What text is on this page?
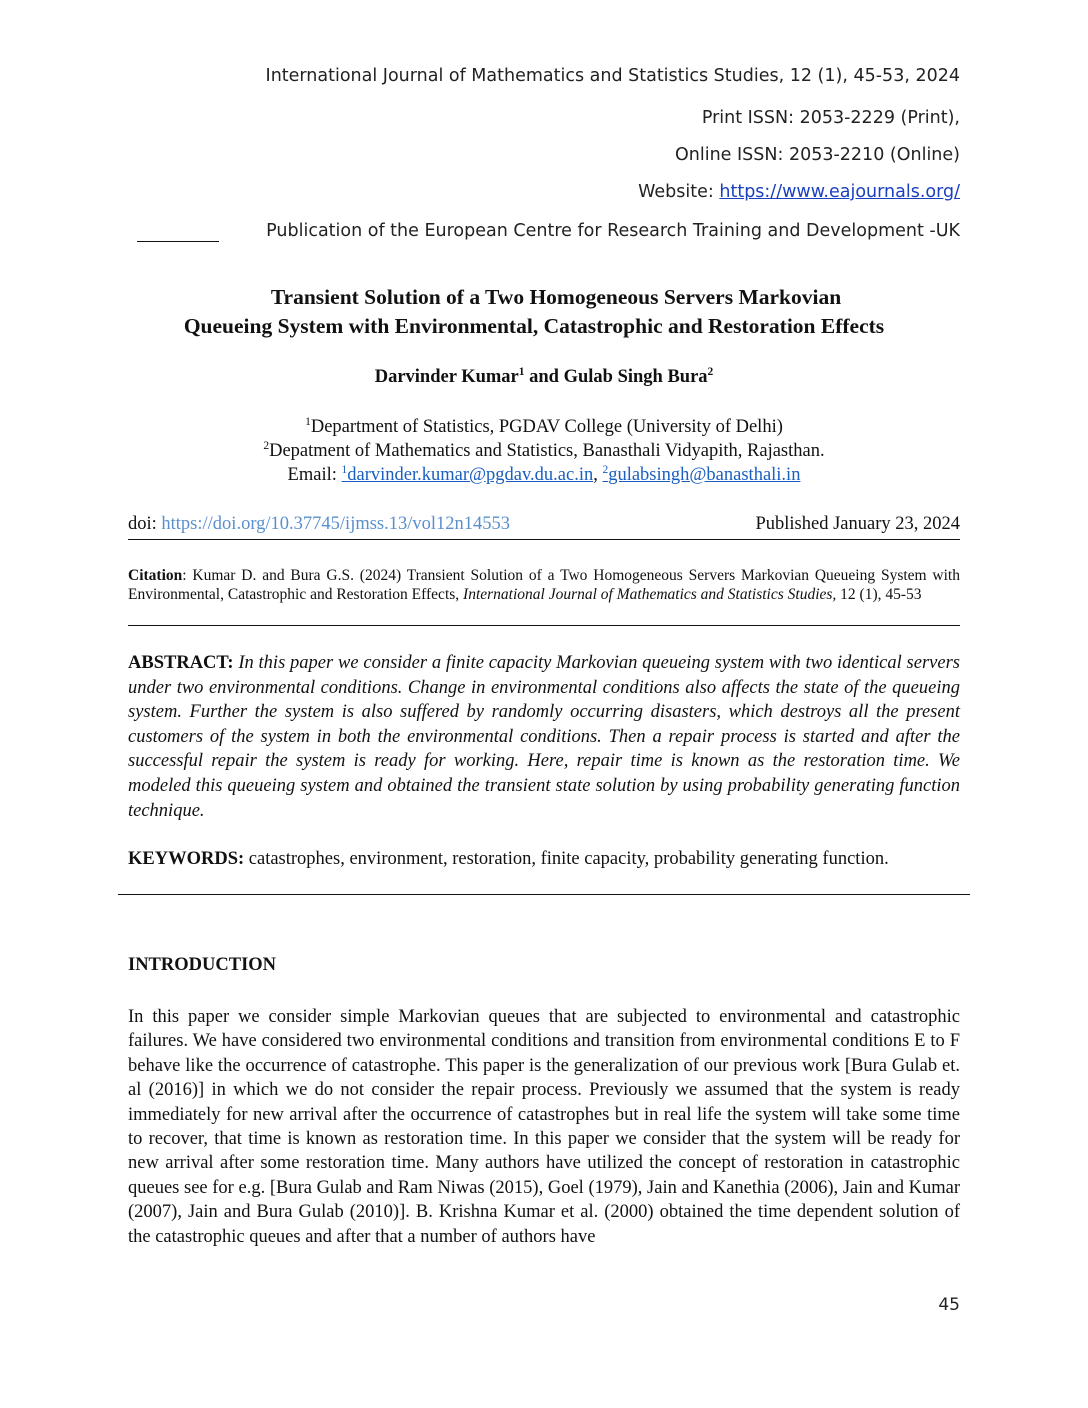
International Journal of Mathematics and Statistics Studies, 12 (1), 45-53, 2024
Print ISSN: 2053-2229 (Print),
Online ISSN: 2053-2210 (Online)
Website: https://www.eajournals.org/
Publication of the European Centre for Research Training and Development -UK
Transient Solution of a Two Homogeneous Servers Markovian
Queueing System with Environmental, Catastrophic and Restoration Effects
Darvinder Kumar$^1$ and Gulab Singh Bura$^2$
$^1$Department of Statistics, PGDAV College (University of Delhi)
$^2$Depatment of Mathematics and Statistics, Banasthali Vidyapith, Rajasthan.
Email: $^1$darvinder.kumar@pgdav.du.ac.in, $^2$gulabsingh@banasthali.in
doi: https://doi.org/10.37745/ijmss.13/vol12n14553	Published January 23, 2024
Citation: Kumar D. and Bura G.S. (2024) Transient Solution of a Two Homogeneous Servers Markovian Queueing System with Environmental, Catastrophic and Restoration Effects, International Journal of Mathematics and Statistics Studies, 12 (1), 45-53
ABSTRACT: In this paper we consider a finite capacity Markovian queueing system with two identical servers under two environmental conditions. Change in environmental conditions also affects the state of the queueing system. Further the system is also suffered by randomly occurring disasters, which destroys all the present customers of the system in both the environmental conditions. Then a repair process is started and after the successful repair the system is ready for working. Here, repair time is known as the restoration time. We modeled this queueing system and obtained the transient state solution by using probability generating function technique.
KEYWORDS: catastrophes, environment, restoration, finite capacity, probability generating function.
INTRODUCTION
In this paper we consider simple Markovian queues that are subjected to environmental and catastrophic failures. We have considered two environmental conditions and transition from environmental conditions E to F behave like the occurrence of catastrophe. This paper is the generalization of our previous work [Bura Gulab et. al (2016)] in which we do not consider the repair process. Previously we assumed that the system is ready immediately for new arrival after the occurrence of catastrophes but in real life the system will take some time to recover, that time is known as restoration time. In this paper we consider that the system will be ready for new arrival after some restoration time. Many authors have utilized the concept of restoration in catastrophic queues see for e.g. [Bura Gulab and Ram Niwas (2015), Goel (1979), Jain and Kanethia (2006), Jain and Kumar (2007), Jain and Bura Gulab (2010)]. B. Krishna Kumar et al. (2000) obtained the time dependent solution of the catastrophic queues and after that a number of authors have
45
